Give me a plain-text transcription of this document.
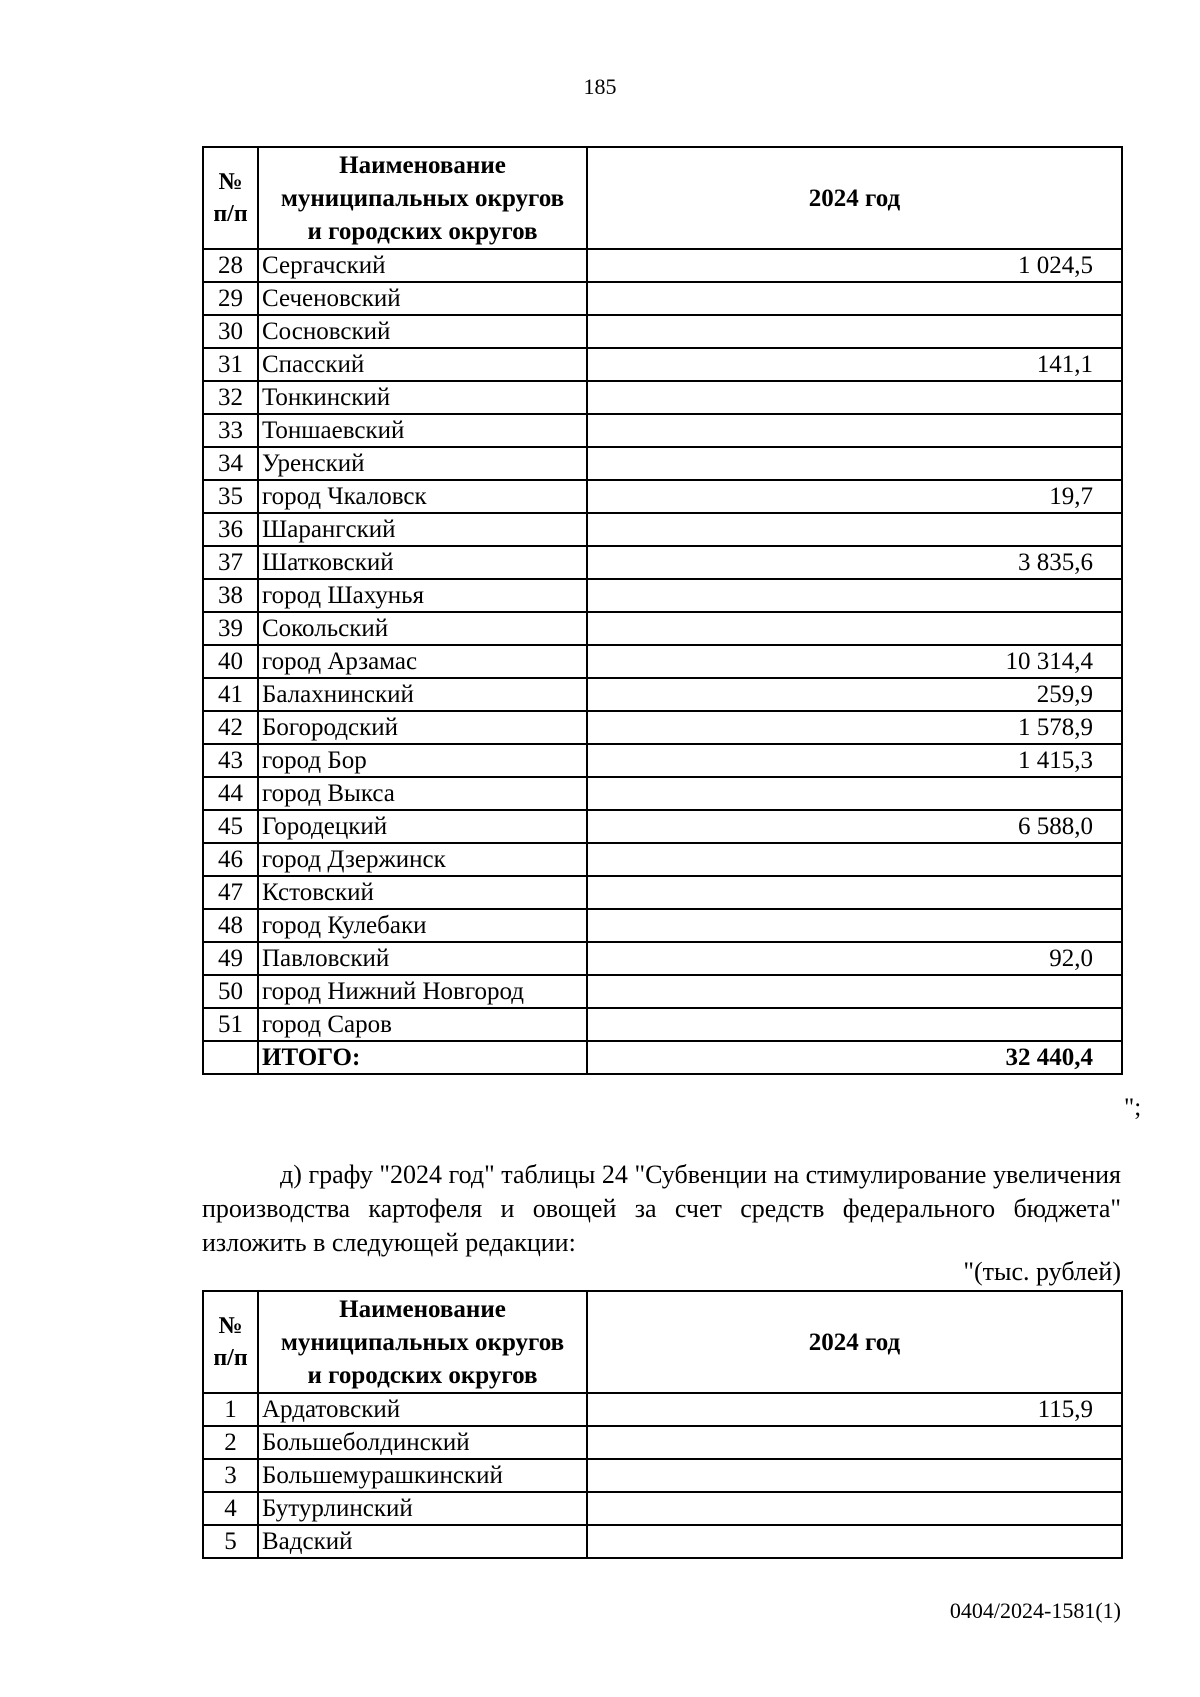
185
№
п/п	Наименование
муниципальных округов
и городских округов	2024 год
28	Сергачский	1 024,5
29	Сеченовский	
30	Сосновский	
31	Спасский	141,1
32	Тонкинский	
33	Тоншаевский	
34	Уренский	
35	город Чкаловск	19,7
36	Шарангский	
37	Шатковский	3 835,6
38	город Шахунья	
39	Сокольский	
40	город Арзамас	10 314,4
41	Балахнинский	259,9
42	Богородский	1 578,9
43	город Бор	1 415,3
44	город Выкса	
45	Городецкий	6 588,0
46	город Дзержинск	
47	Кстовский	
48	город Кулебаки	
49	Павловский	92,0
50	город Нижний Новгород	
51	город Саров	
	ИТОГО:	32 440,4
";
д) графу "2024 год" таблицы 24 "Субвенции на стимулирование увеличения производства картофеля и овощей за счет средств федерального бюджета" изложить в следующей редакции:
"(тыс. рублей)
№
п/п	Наименование
муниципальных округов
и городских округов	2024 год
1	Ардатовский	115,9
2	Большеболдинский	
3	Большемурашкинский	
4	Бутурлинский	
5	Вадский	
0404/2024-1581(1)
